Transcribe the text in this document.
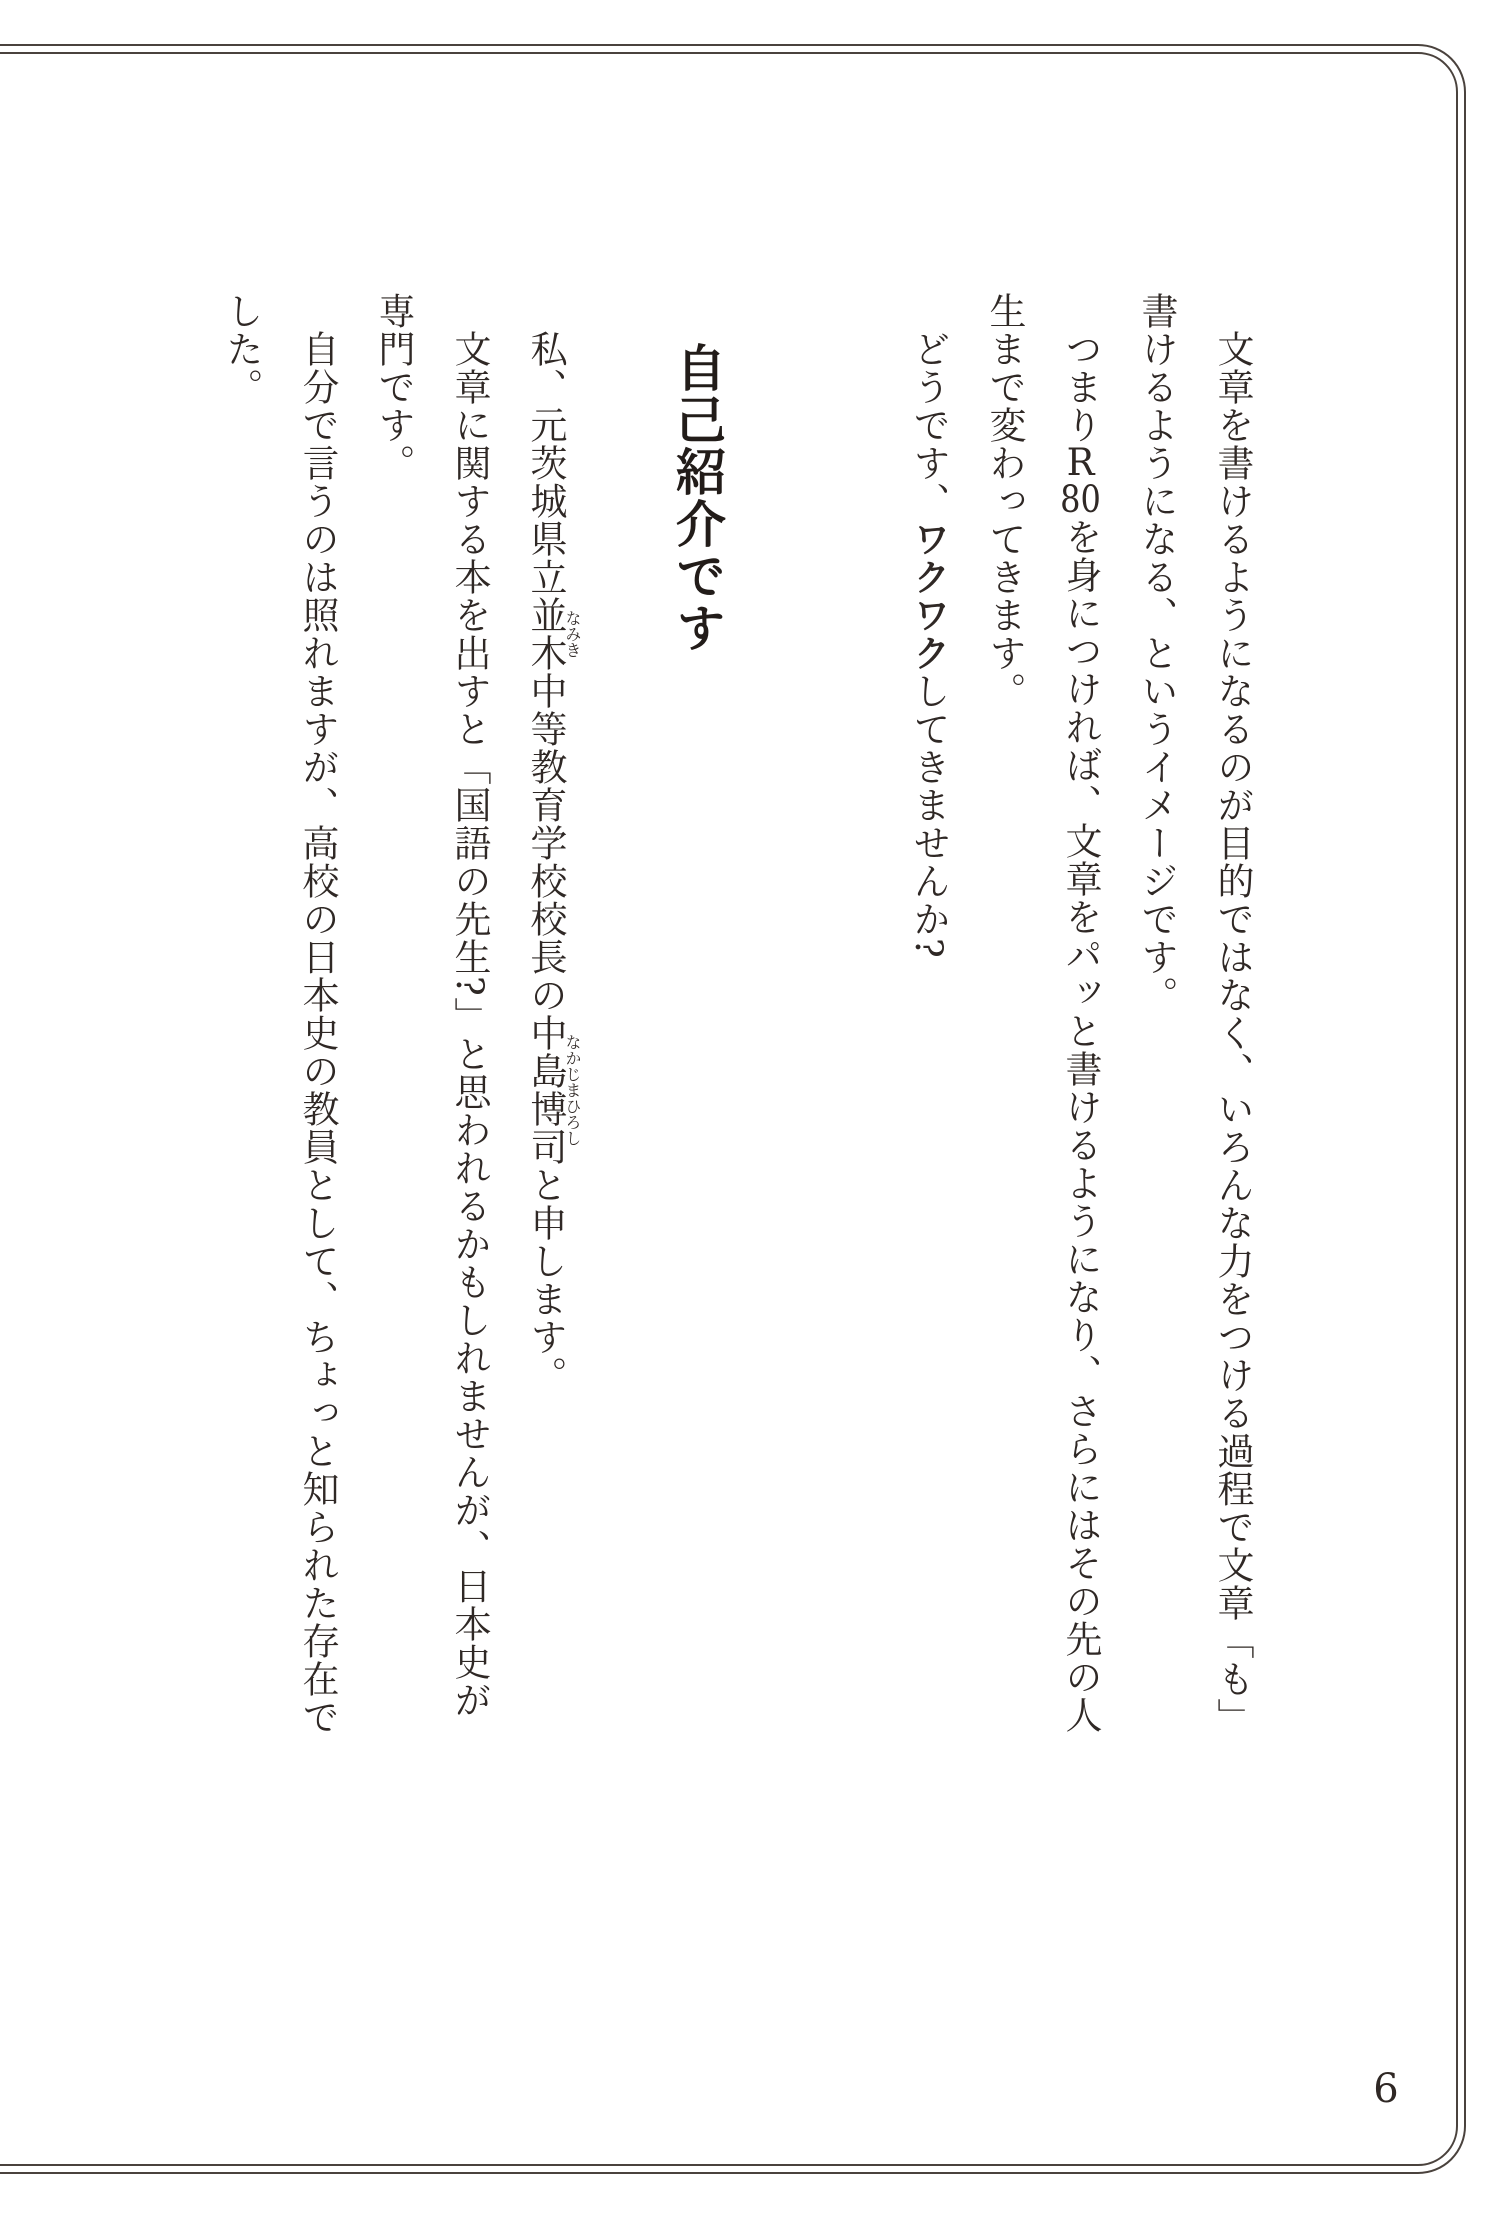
文章を書けるようになるのが目的ではなく、いろんな力をつける過程で文章「も」
書けるようになる、というイメージです。
つまりR80を身につければ、文章をパッと書けるようになり、さらにはその先の人
生まで変わってきます。
どうです、ワクワクしてきませんか?
自己紹介です
私、元茨城県立並木なみき中等教育学校校長の中島博司なかじまひろしと申します。
文章に関する本を出すと「国語の先生?」と思われるかもしれませんが、日本史が
専門です。
自分で言うのは照れますが、高校の日本史の教員として、ちょっと知られた存在で
した。
6
